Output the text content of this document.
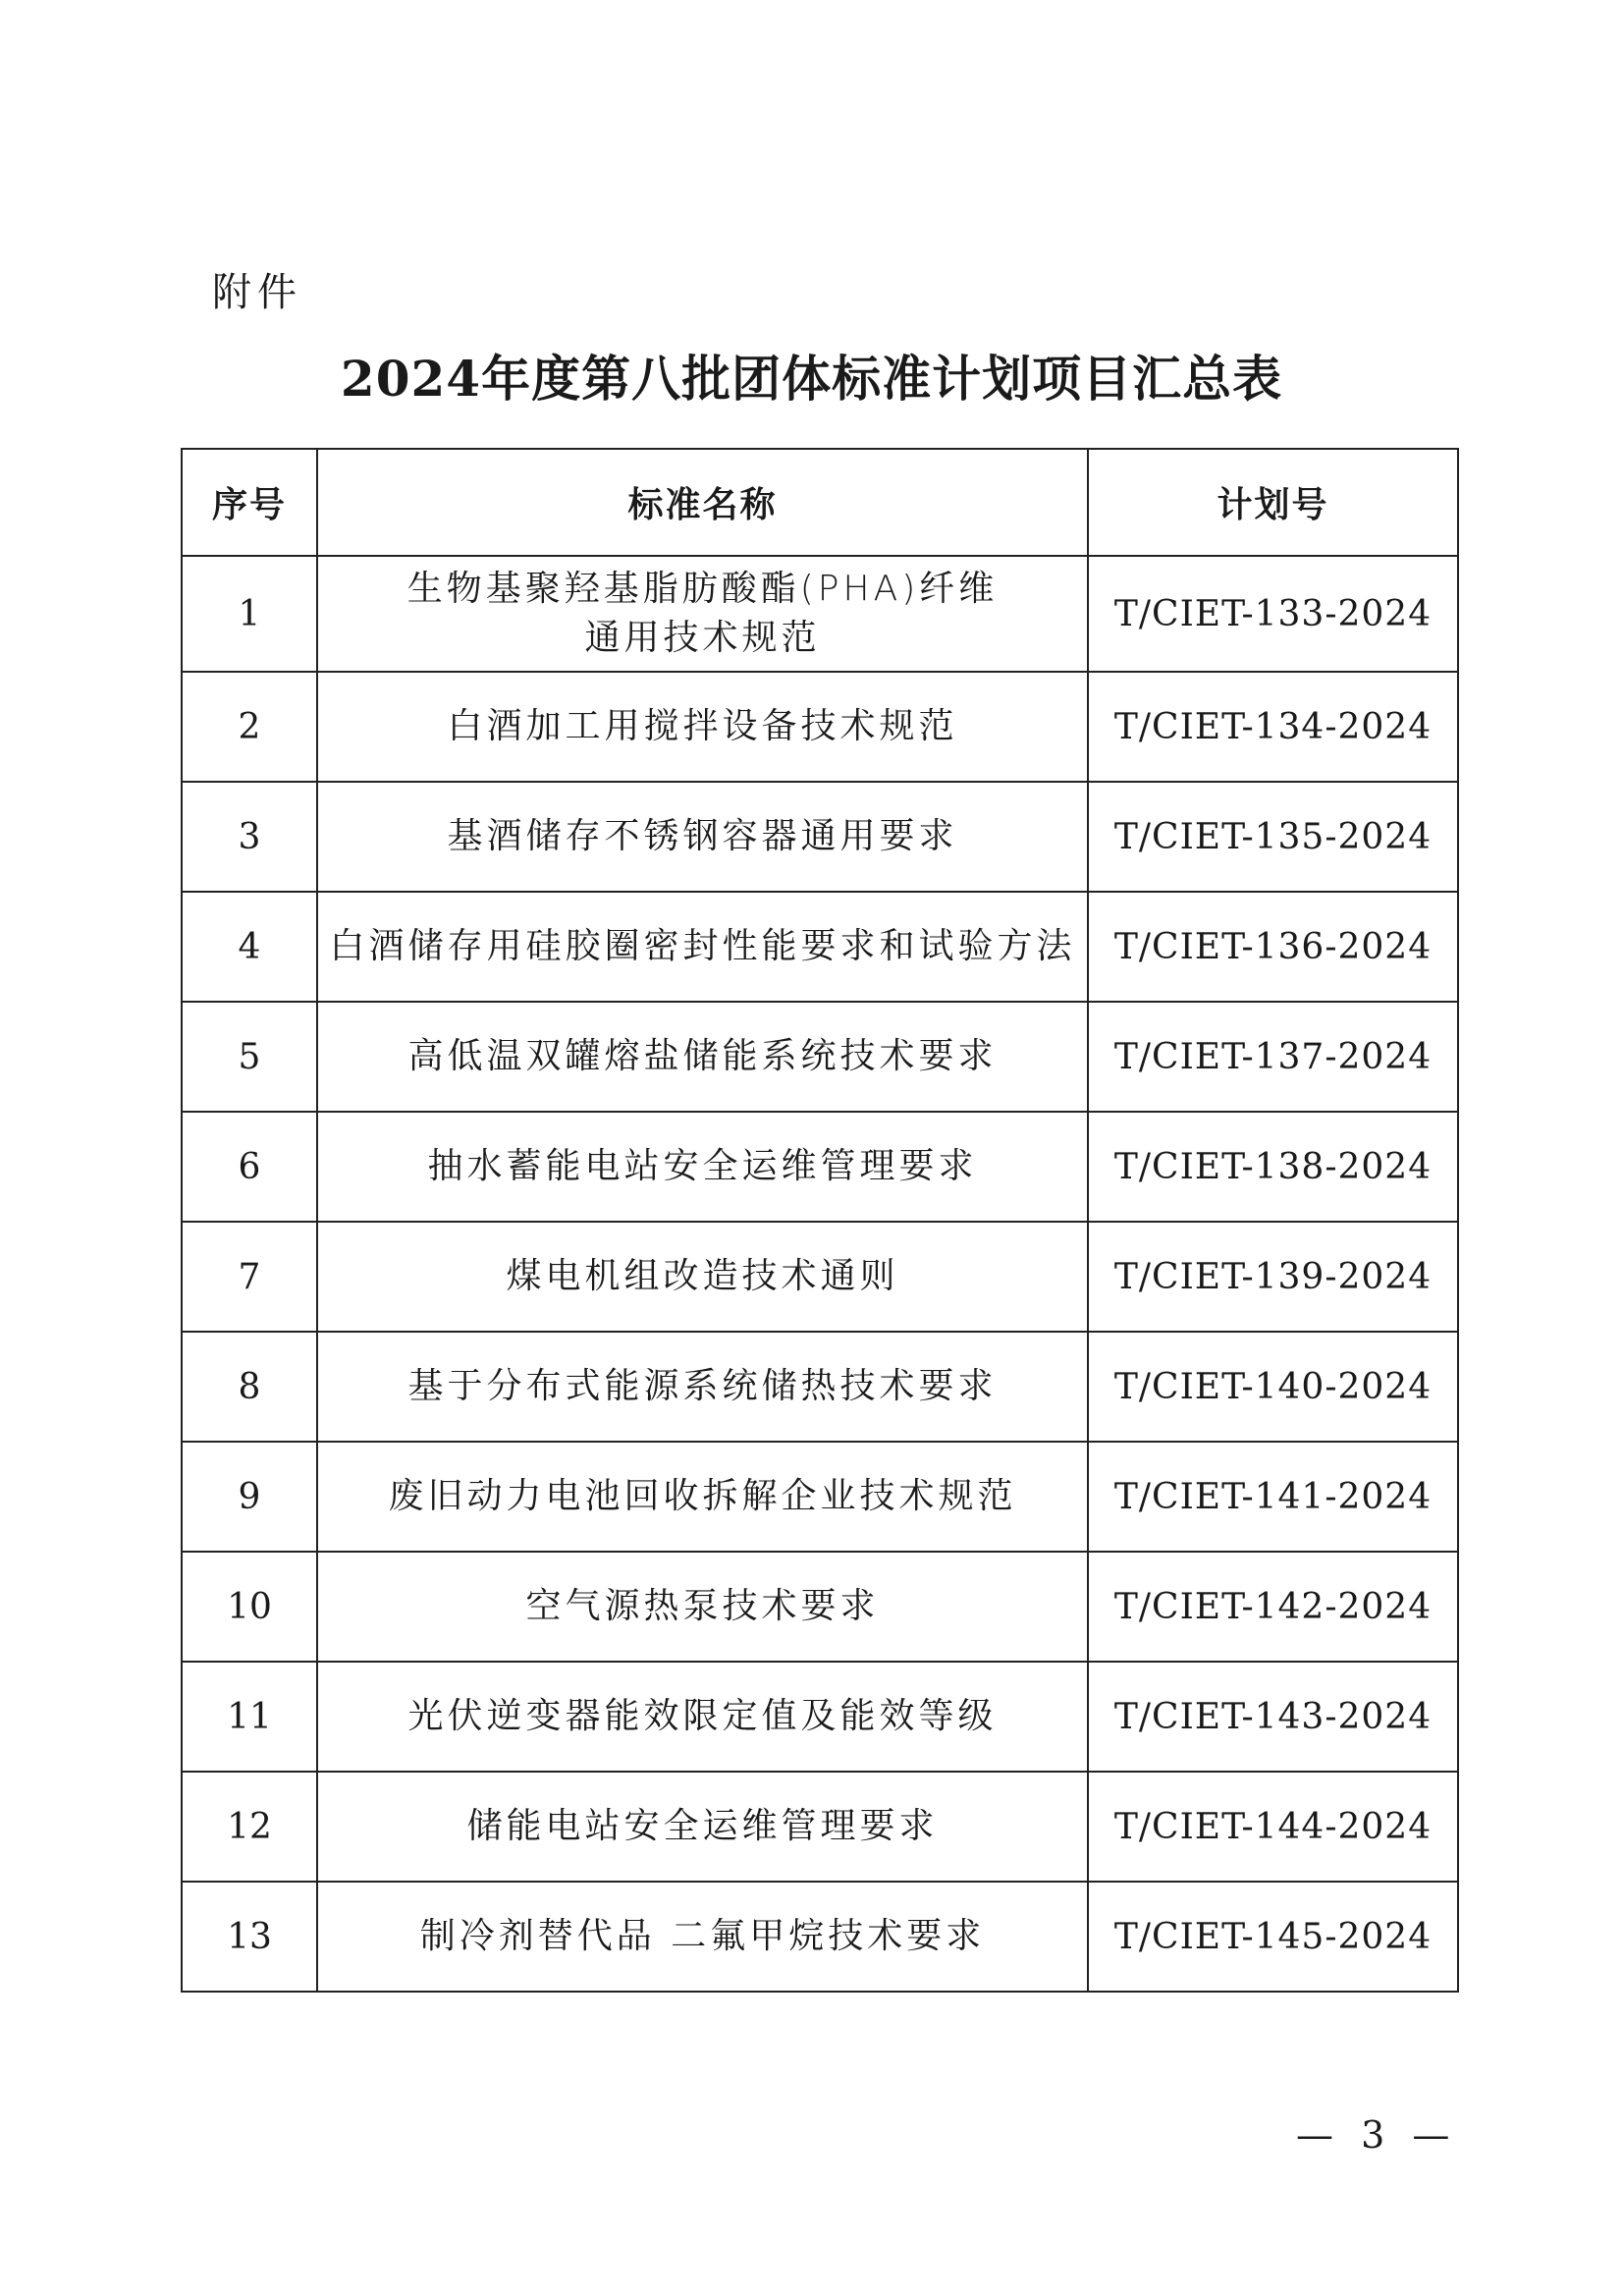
附件
2024年度第八批团体标准计划项目汇总表
序号	标准名称	计划号
1	生物基聚羟基脂肪酸酯(PHA)纤维
通用技术规范	T/CIET-133-2024
2	白酒加工用搅拌设备技术规范	T/CIET-134-2024
3	基酒储存不锈钢容器通用要求	T/CIET-135-2024
4	白酒储存用硅胶圈密封性能要求和试验方法	T/CIET-136-2024
5	高低温双罐熔盐储能系统技术要求	T/CIET-137-2024
6	抽水蓄能电站安全运维管理要求	T/CIET-138-2024
7	煤电机组改造技术通则	T/CIET-139-2024
8	基于分布式能源系统储热技术要求	T/CIET-140-2024
9	废旧动力电池回收拆解企业技术规范	T/CIET-141-2024
10	空气源热泵技术要求	T/CIET-142-2024
11	光伏逆变器能效限定值及能效等级	T/CIET-143-2024
12	储能电站安全运维管理要求	T/CIET-144-2024
13	制冷剂替代品 二氟甲烷技术要求	T/CIET-145-2024
— 3 —
